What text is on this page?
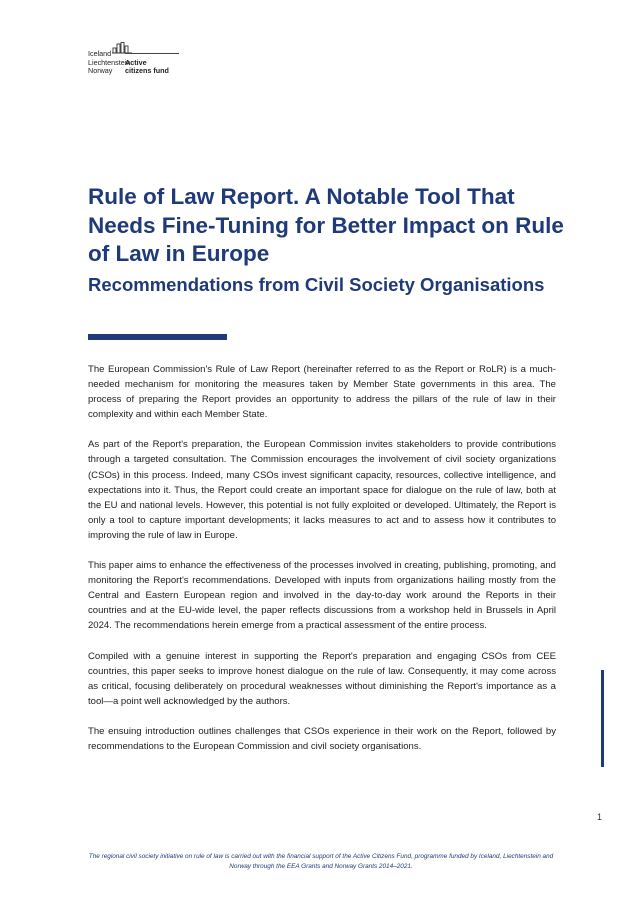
Iceland
Liechtenstein
Norway
Active
citizens fund
Rule of Law Report. A Notable Tool That Needs Fine-Tuning for Better Impact on Rule of Law in Europe
Recommendations from Civil Society Organisations

The European Commission's Rule of Law Report (hereinafter referred to as the Report or RoLR) is a much-needed mechanism for monitoring the measures taken by Member State governments in this area. The process of preparing the Report provides an opportunity to address the pillars of the rule of law in their complexity and within each Member State.

As part of the Report's preparation, the European Commission invites stakeholders to provide contributions through a targeted consultation. The Commission encourages the involvement of civil society organizations (CSOs) in this process. Indeed, many CSOs invest significant capacity, resources, collective intelligence, and expectations into it. Thus, the Report could create an important space for dialogue on the rule of law, both at the EU and national levels. However, this potential is not fully exploited or developed. Ultimately, the Report is only a tool to capture important developments; it lacks measures to act and to assess how it contributes to improving the rule of law in Europe.

This paper aims to enhance the effectiveness of the processes involved in creating, publishing, promoting, and monitoring the Report's recommendations. Developed with inputs from organizations hailing mostly from the Central and Eastern European region and involved in the day-to-day work around the Reports in their countries and at the EU-wide level, the paper reflects discussions from a workshop held in Brussels in April 2024. The recommendations herein emerge from a practical assessment of the entire process.

Compiled with a genuine interest in supporting the Report's preparation and engaging CSOs from CEE countries, this paper seeks to improve honest dialogue on the rule of law. Consequently, it may come across as critical, focusing deliberately on procedural weaknesses without diminishing the Report's importance as a tool—a point well acknowledged by the authors.

The ensuing introduction outlines challenges that CSOs experience in their work on the Report, followed by recommendations to the European Commission and civil society organisations.

1
The regional civil society initiative on rule of law is carried out with the financial support of the Active Citizens Fund, programme funded by Iceland, Liechtenstein and Norway through the EEA Grants and Norway Grants 2014–2021.
